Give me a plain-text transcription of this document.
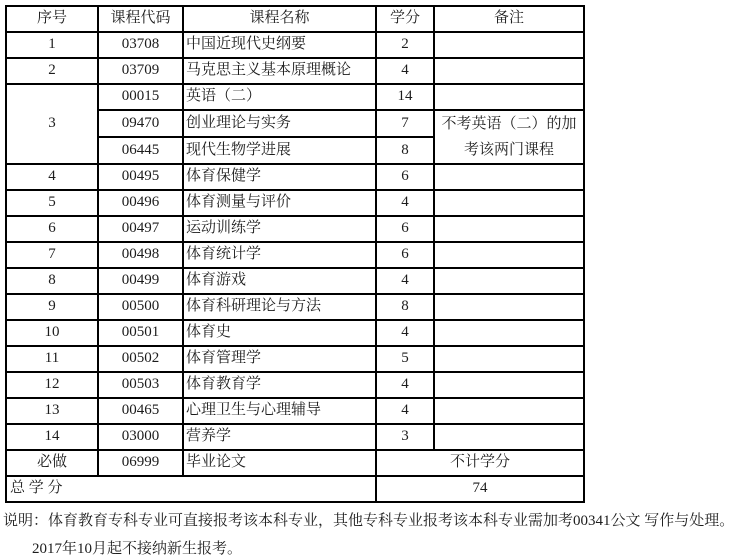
序号	课程代码	课程名称	学分	备注
1	03708	中国近现代史纲要	2	
2	03709	马克思主义基本原理概论	4	
3	00015	英语（二）	14	
	09470	创业理论与实务	7	不考英语（二）的加考该两门课程
	06445	现代生物学进展	8	
4	00495	体育保健学	6	
5	00496	体育测量与评价	4	
6	00497	运动训练学	6	
7	00498	体育统计学	6	
8	00499	体育游戏	4	
9	00500	体育科研理论与方法	8	
10	00501	体育史	4	
11	00502	体育管理学	5	
12	00503	体育教育学	4	
13	00465	心理卫生与心理辅导	4	
14	03000	营养学	3	
必做	06999	毕业论文	不计学分	
总 学 分			74	
说明：体育教育专科专业可直接报考该本科专业，其他专科专业报考该本科专业需加考00341公文 写作与处理。
2017年10月起不接纳新生报考。
